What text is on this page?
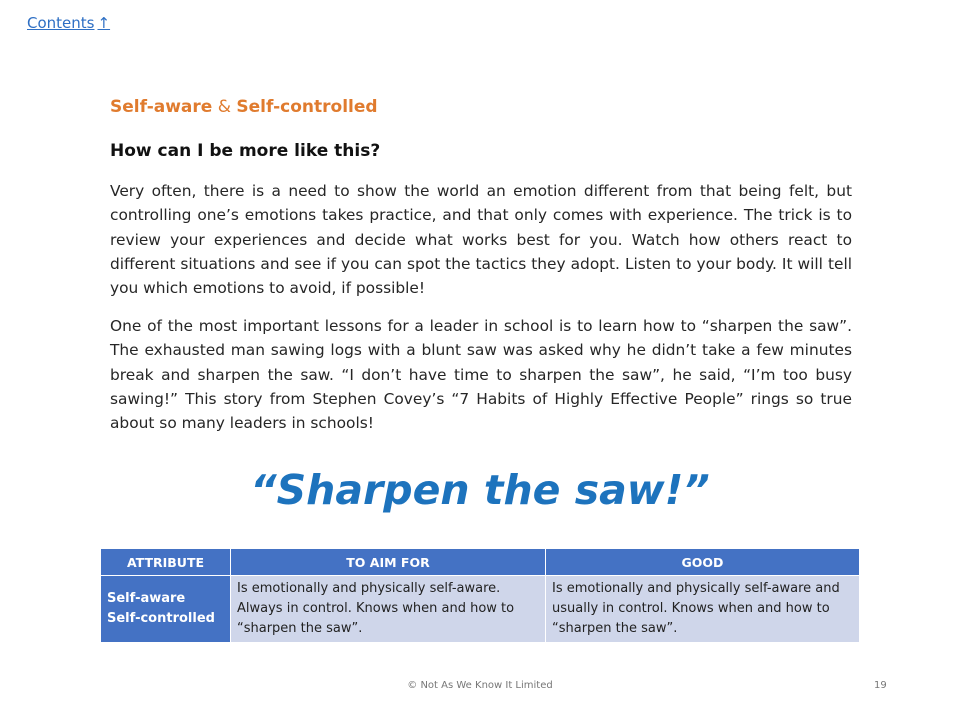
Contents ↑
Self-aware & Self-controlled
How can I be more like this?

Very often, there is a need to show the world an emotion different from that being felt, but controlling one’s emotions takes practice, and that only comes with experience. The trick is to review your experiences and decide what works best for you. Watch how others react to different situations and see if you can spot the tactics they adopt. Listen to your body. It will tell you which emotions to avoid, if possible!

One of the most important lessons for a leader in school is to learn how to “sharpen the saw”. The exhausted man sawing logs with a blunt saw was asked why he didn’t take a few minutes break and sharpen the saw. “I don’t have time to sharpen the saw”, he said, “I’m too busy sawing!” This story from Stephen Covey’s “7 Habits of Highly Effective People” rings so true about so many leaders in schools!

“Sharpen the saw!”
ATTRIBUTE	TO AIM FOR	GOOD

Self-aware
Self-controlled	Is emotionally and physically self-aware. Always in control. Knows when and how to “sharpen the saw”.	Is emotionally and physically self-aware and usually in control. Knows when and how to “sharpen the saw”.
© Not As We Know It Limited	19
